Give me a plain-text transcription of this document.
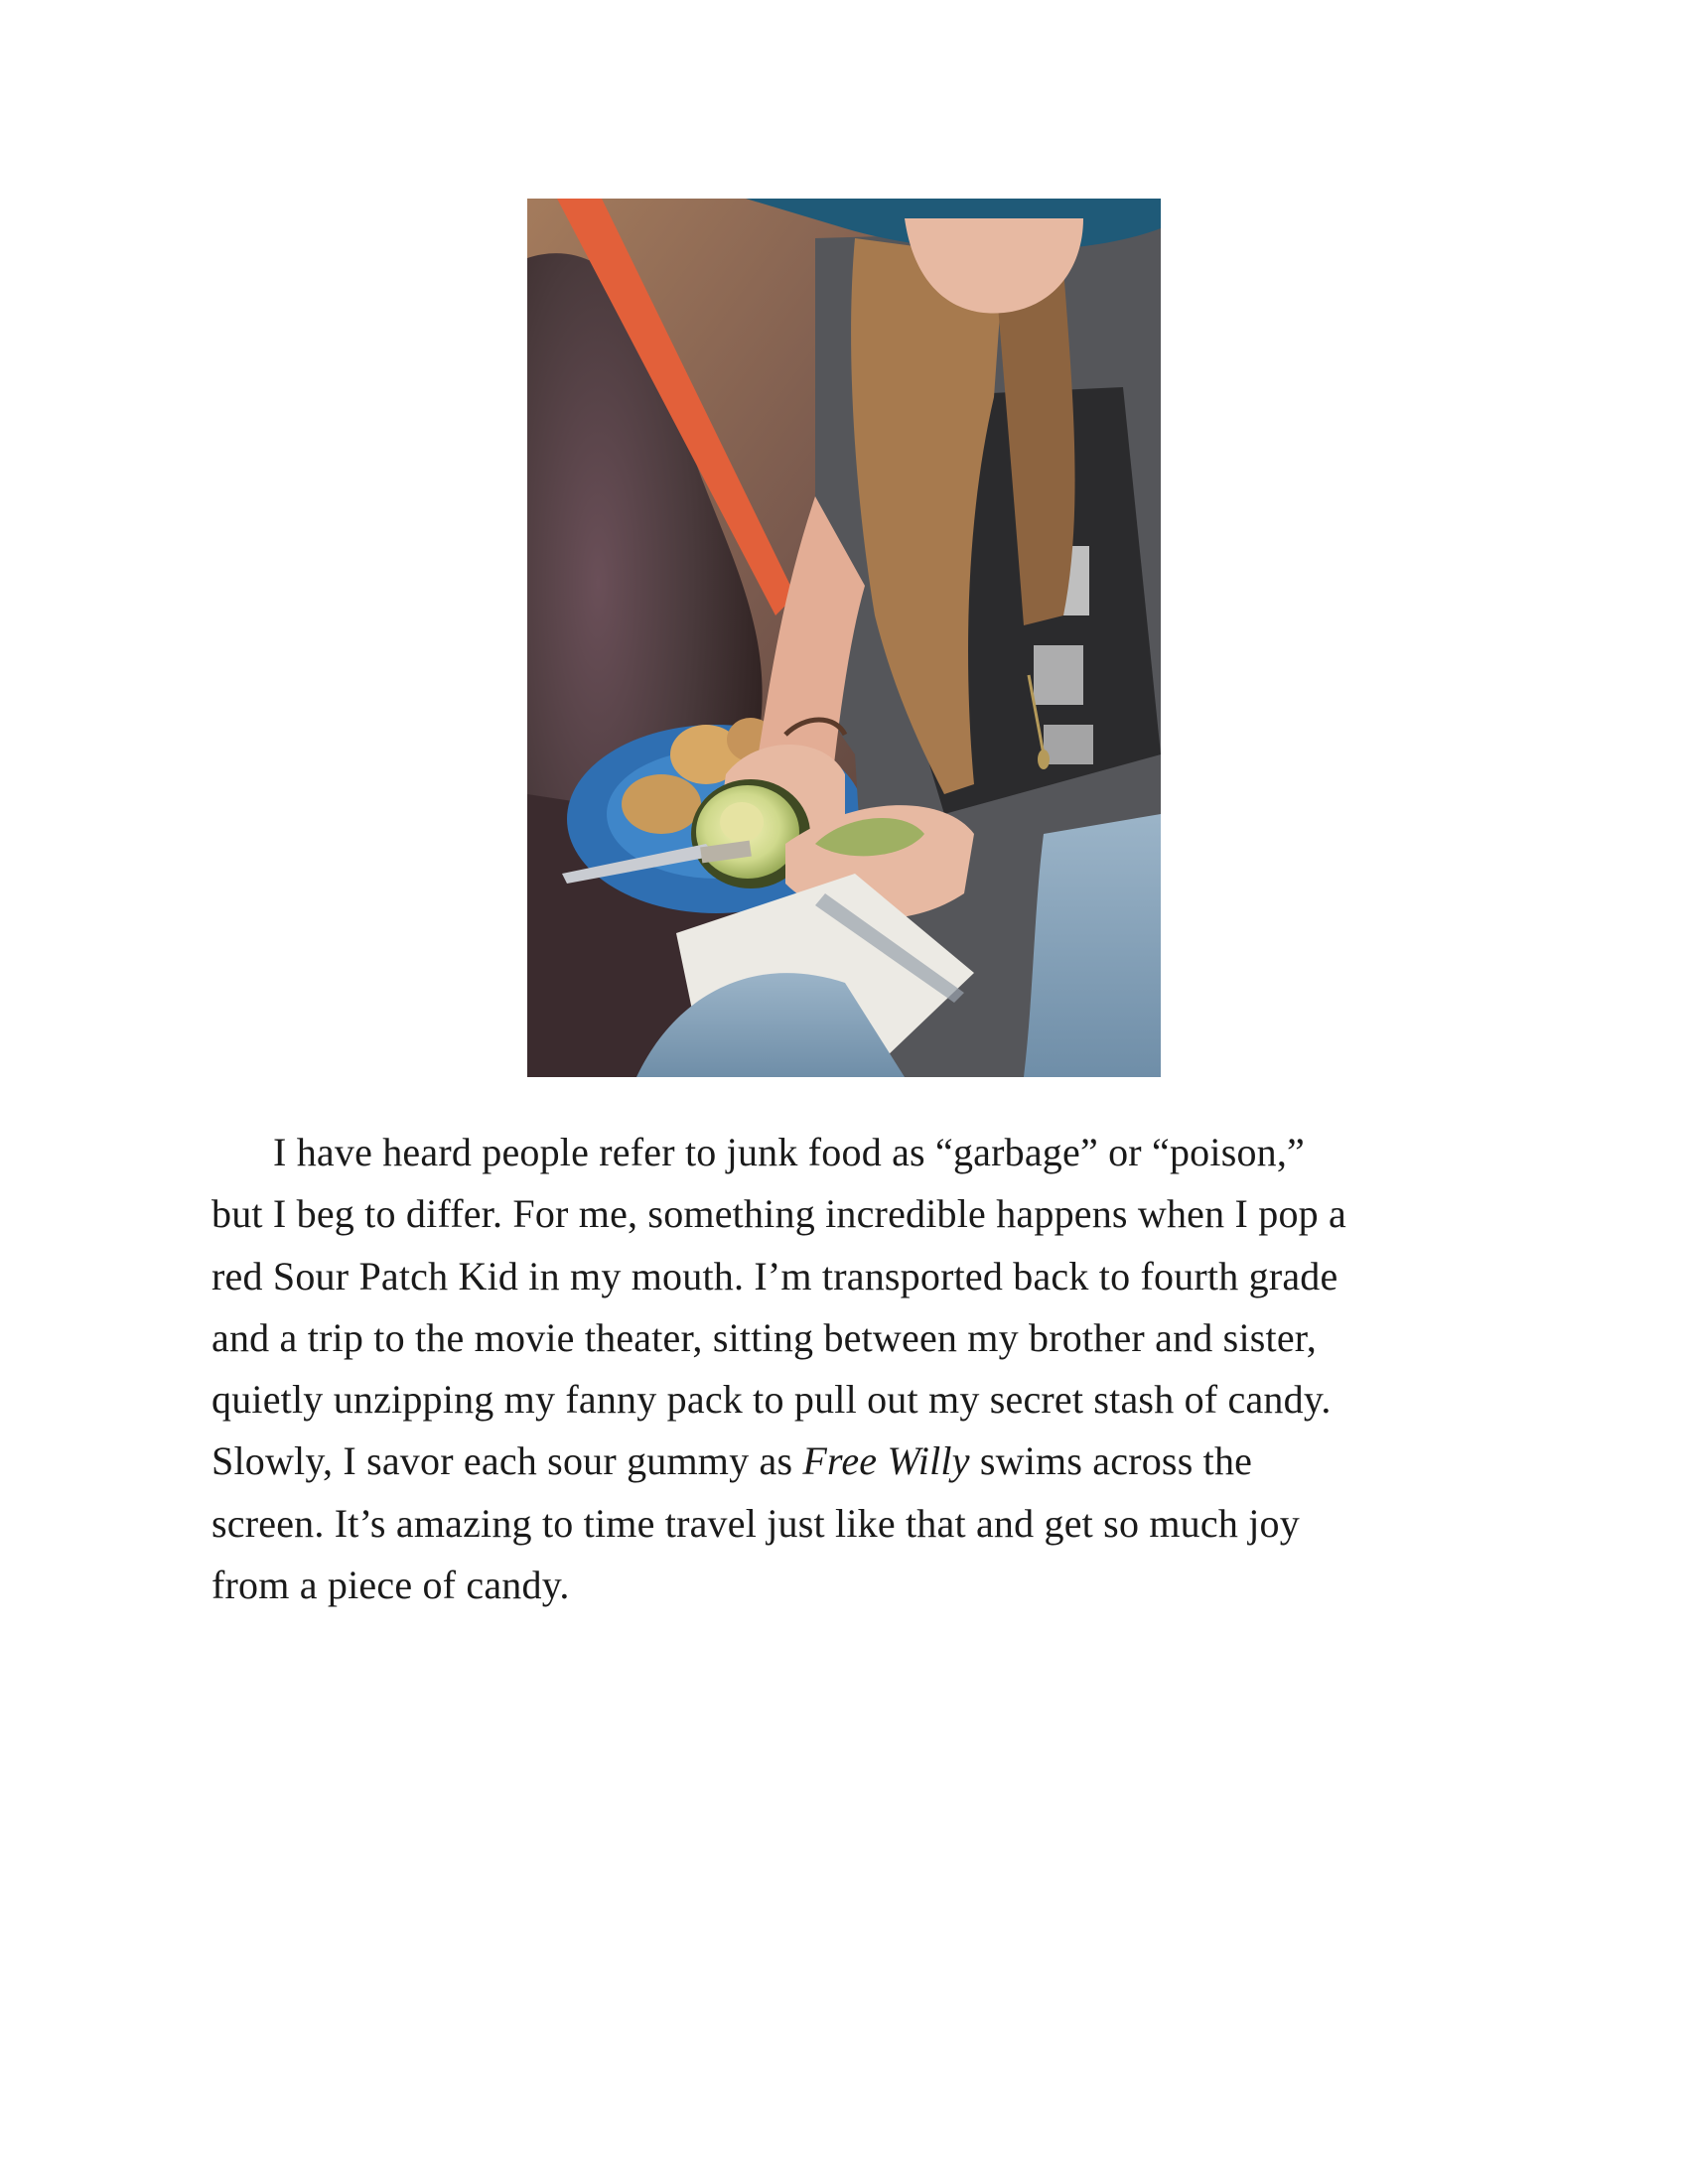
I have heard people refer to junk food as “garbage” or “poison,”
but I beg to differ. For me, something incredible happens when I pop a
red Sour Patch Kid in my mouth. I’m transported back to fourth grade
and a trip to the movie theater, sitting between my brother and sister,
quietly unzipping my fanny pack to pull out my secret stash of candy.
Slowly, I savor each sour gummy as Free Willy swims across the
screen. It’s amazing to time travel just like that and get so much joy
from a piece of candy.
